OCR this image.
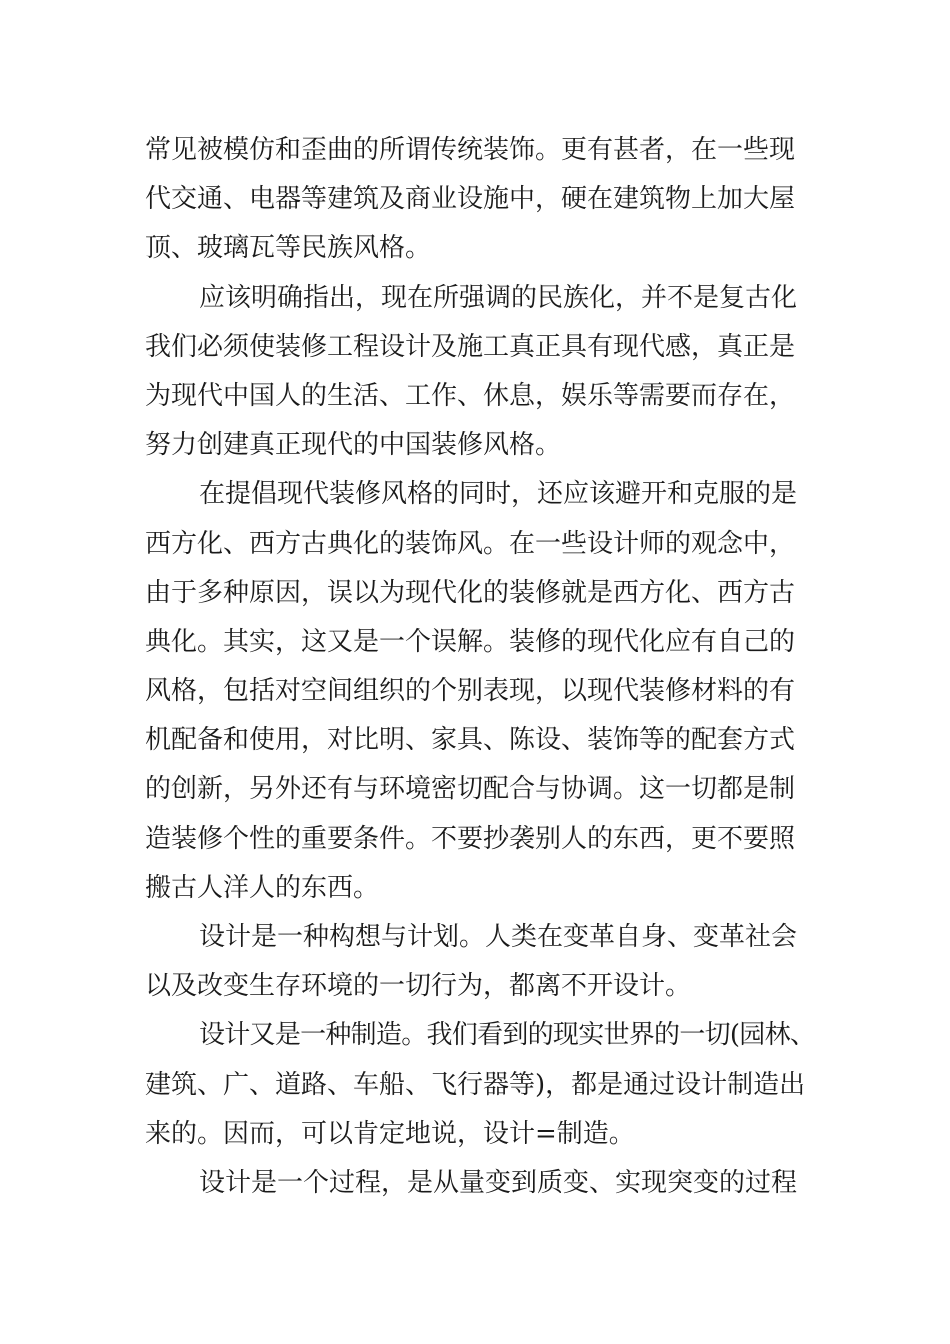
常见被模仿和歪曲的所谓传统装饰。更有甚者，在一些现
代交通、电器等建筑及商业设施中，硬在建筑物上加大屋
顶、玻璃瓦等民族风格。
应该明确指出，现在所强调的民族化，并不是复古化
我们必须使装修工程设计及施工真正具有现代感，真正是
为现代中国人的生活、工作、休息，娱乐等需要而存在，
努力创建真正现代的中国装修风格。
在提倡现代装修风格的同时，还应该避开和克服的是
西方化、西方古典化的装饰风。在一些设计师的观念中，
由于多种原因，误以为现代化的装修就是西方化、西方古
典化。其实，这又是一个误解。装修的现代化应有自己的
风格，包括对空间组织的个别表现，以现代装修材料的有
机配备和使用，对比明、家具、陈设、装饰等的配套方式
的创新，另外还有与环境密切配合与协调。这一切都是制
造装修个性的重要条件。不要抄袭别人的东西，更不要照
搬古人洋人的东西。
设计是一种构想与计划。人类在变革自身、变革社会
以及改变生存环境的一切行为，都离不开设计。
设计又是一种制造。我们看到的现实世界的一切(园林、
建筑、广、道路、车船、飞行器等)，都是通过设计制造出
来的。因而，可以肯定地说，设计=制造。
设计是一个过程，是从量变到质变、实现突变的过程
